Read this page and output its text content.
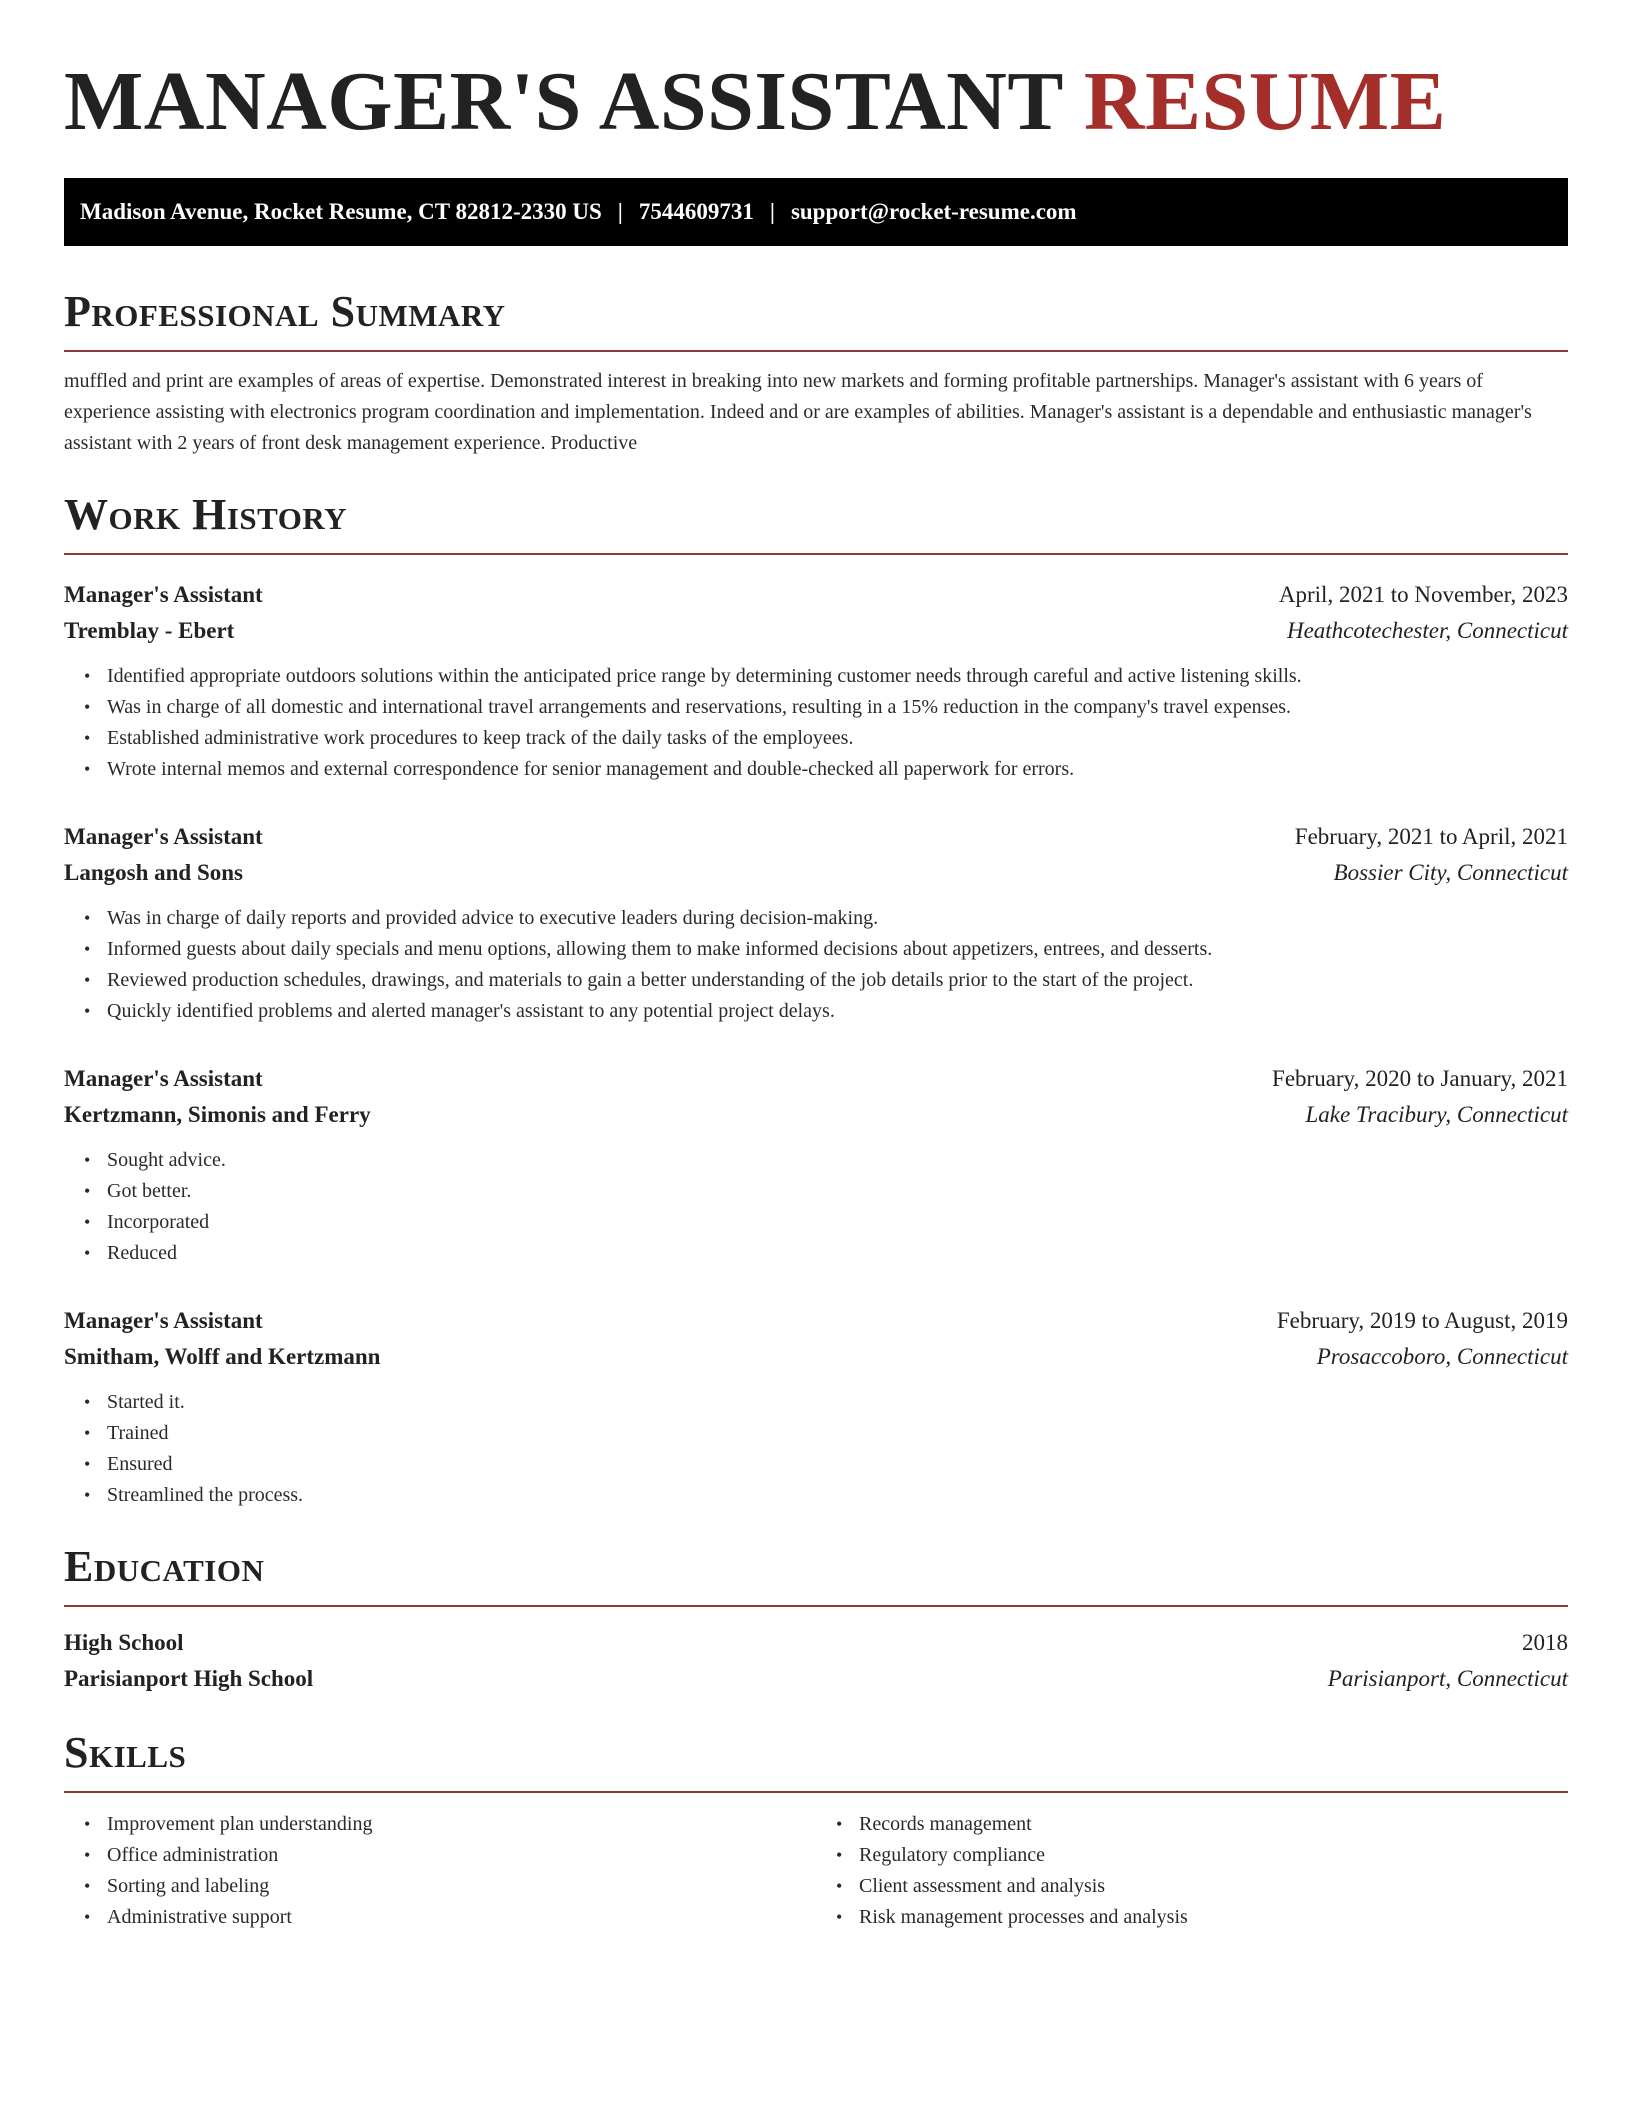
MANAGER'S ASSISTANT RESUME
Madison Avenue, Rocket Resume, CT 82812-2330 US | 7544609731 | support@rocket-resume.com
Professional Summary

muffled and print are examples of areas of expertise. Demonstrated interest in breaking into new markets and forming profitable partnerships. Manager's assistant with 6 years of experience assisting with electronics program coordination and implementation. Indeed and or are examples of abilities. Manager's assistant is a dependable and enthusiastic manager's assistant with 2 years of front desk management experience. Productive

Work History
Manager's Assistant	April, 2021 to November, 2023
Tremblay - Ebert	Heathcotechester, Connecticut
• Identified appropriate outdoors solutions within the anticipated price range by determining customer needs through careful and active listening skills.
• Was in charge of all domestic and international travel arrangements and reservations, resulting in a 15% reduction in the company's travel expenses.
• Established administrative work procedures to keep track of the daily tasks of the employees.
• Wrote internal memos and external correspondence for senior management and double-checked all paperwork for errors.
Manager's Assistant	February, 2021 to April, 2021
Langosh and Sons	Bossier City, Connecticut
• Was in charge of daily reports and provided advice to executive leaders during decision-making.
• Informed guests about daily specials and menu options, allowing them to make informed decisions about appetizers, entrees, and desserts.
• Reviewed production schedules, drawings, and materials to gain a better understanding of the job details prior to the start of the project.
• Quickly identified problems and alerted manager's assistant to any potential project delays.
Manager's Assistant	February, 2020 to January, 2021
Kertzmann, Simonis and Ferry	Lake Tracibury, Connecticut
• Sought advice.
• Got better.
• Incorporated
• Reduced
Manager's Assistant	February, 2019 to August, 2019
Smitham, Wolff and Kertzmann	Prosaccoboro, Connecticut
• Started it.
• Trained
• Ensured
• Streamlined the process.
Education
High School	2018
Parisianport High School	Parisianport, Connecticut
Skills
• Improvement plan understanding
• Office administration
• Sorting and labeling
• Administrative support
• Records management
• Regulatory compliance
• Client assessment and analysis
• Risk management processes and analysis
